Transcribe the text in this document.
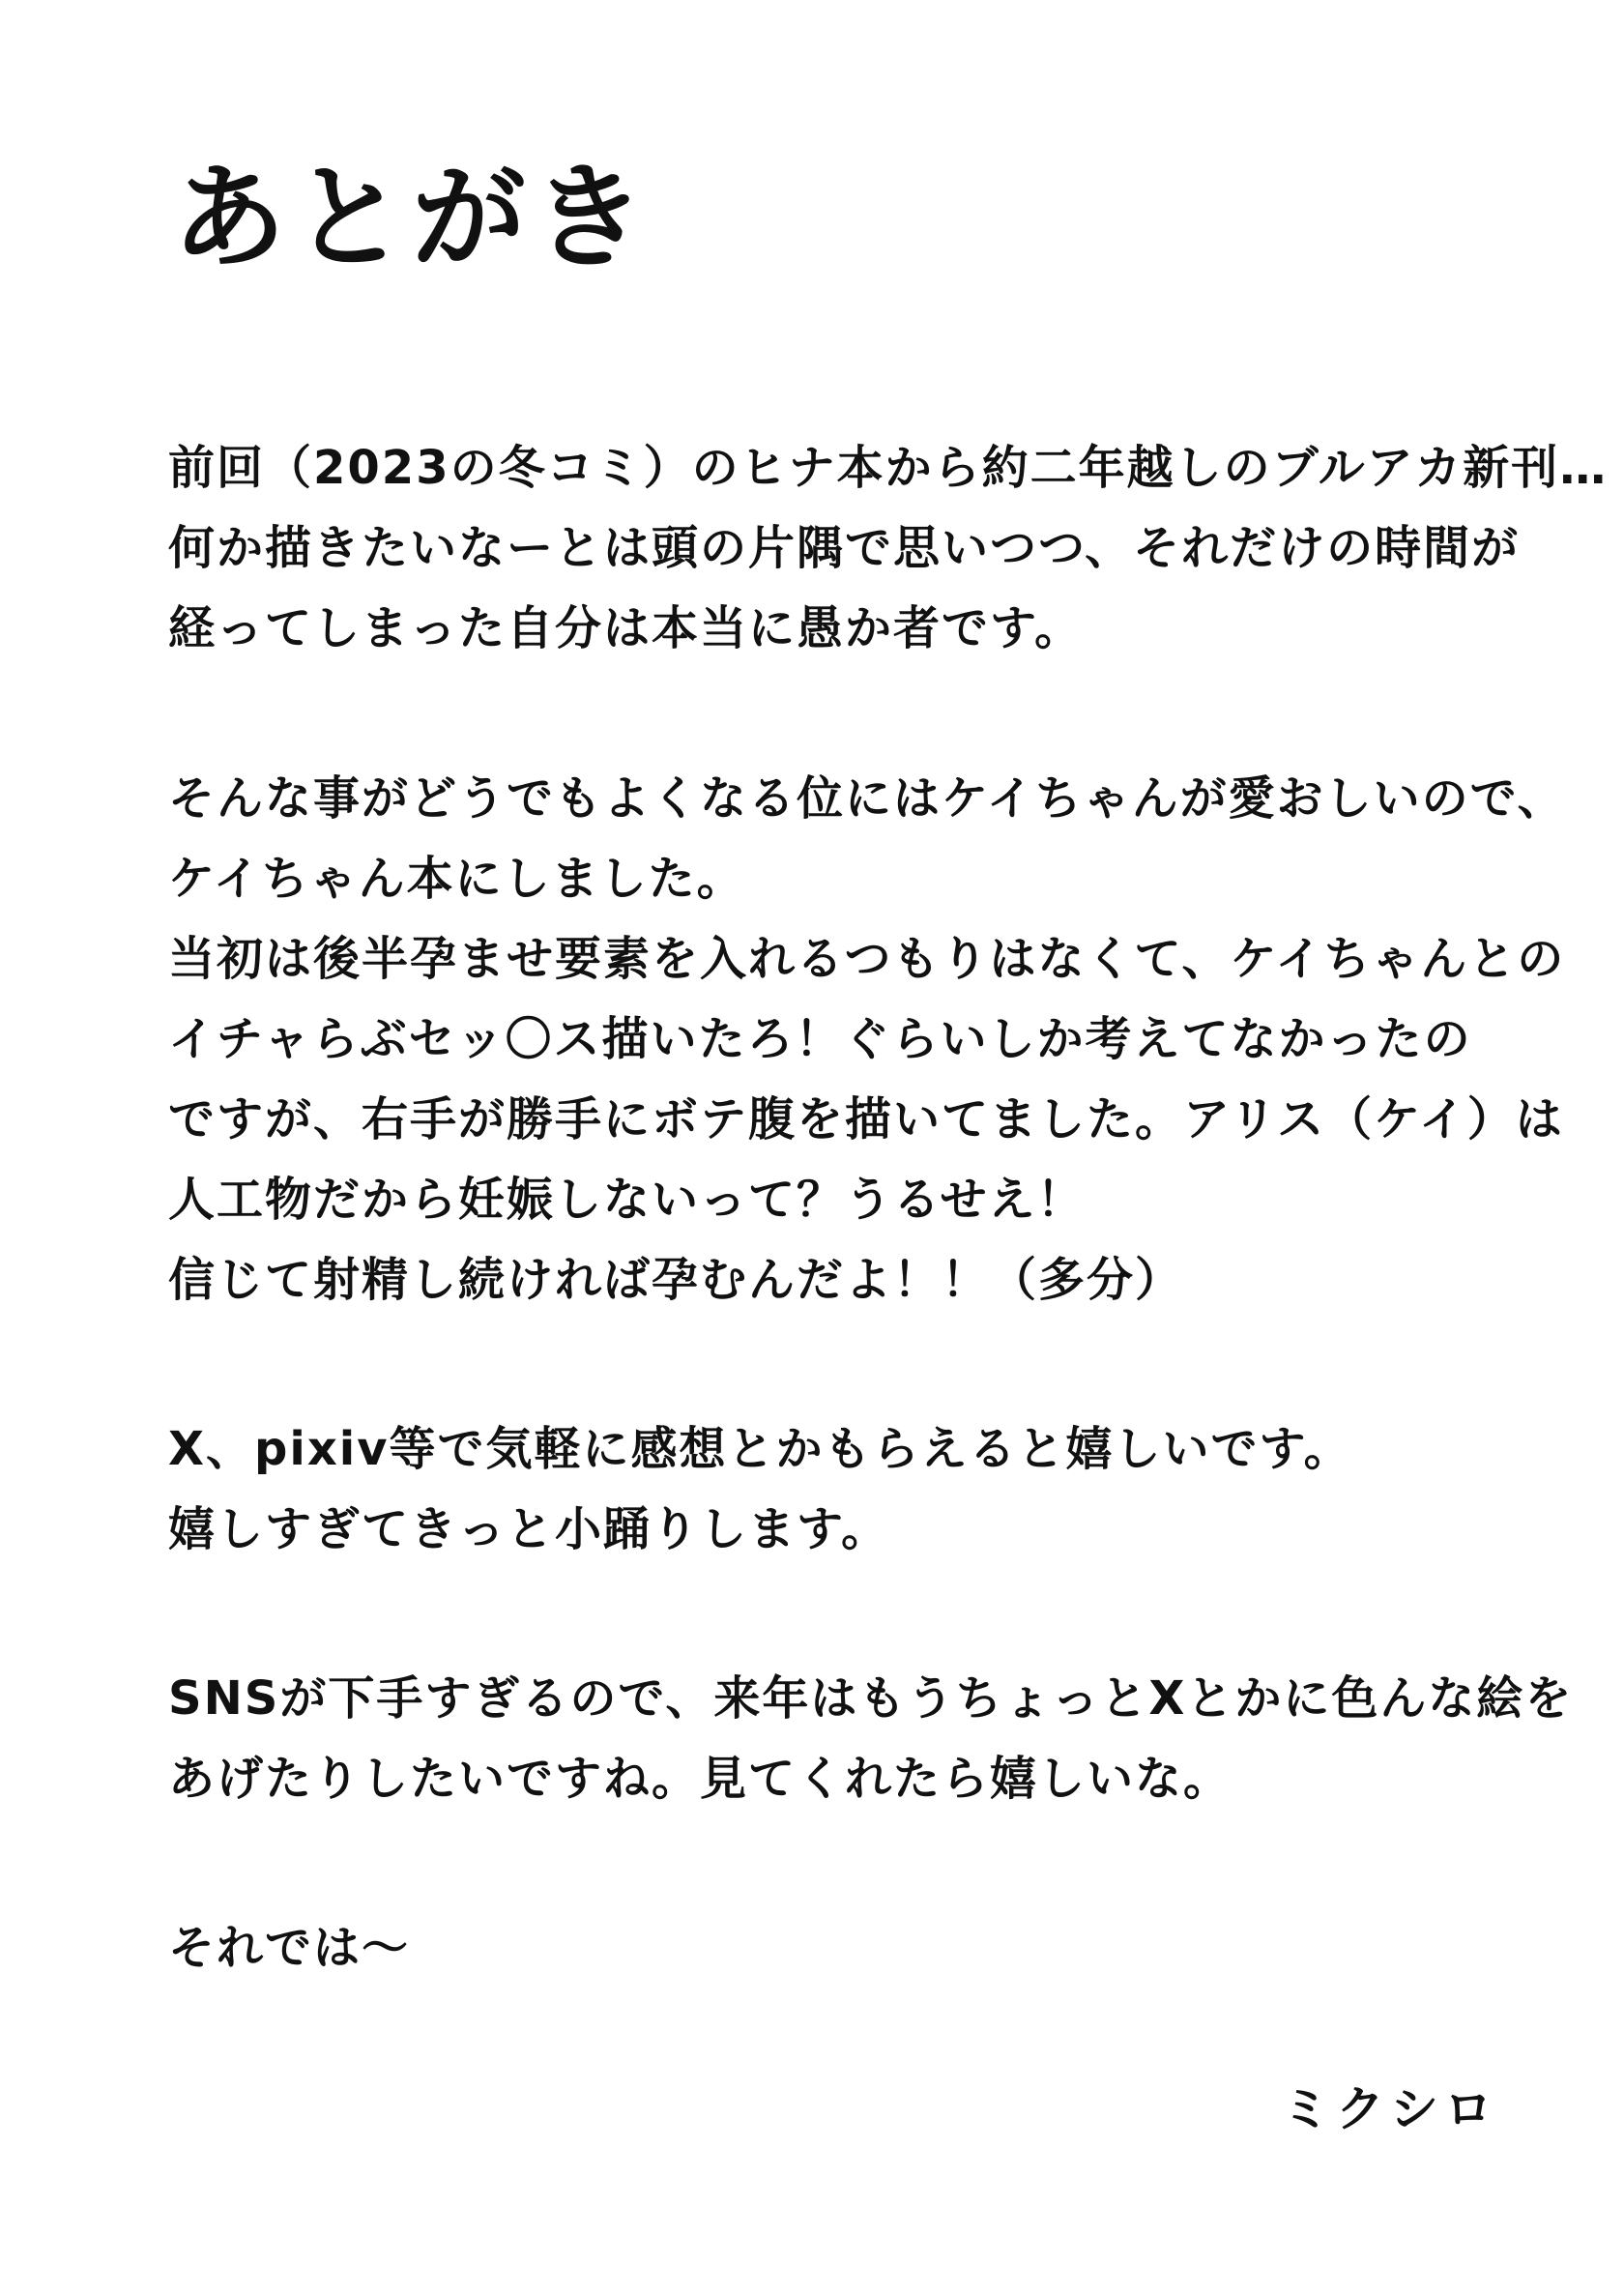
あとがき

前回（2023の冬コミ）のヒナ本から約二年越しのブルアカ新刊…

何か描きたいなーとは頭の片隅で思いつつ、それだけの時間が

経ってしまった自分は本当に愚か者です。

そんな事がどうでもよくなる位にはケイちゃんが愛おしいので、

ケイちゃん本にしました。

当初は後半孕ませ要素を入れるつもりはなくて、ケイちゃんとの

イチャらぶセッ〇ス描いたろ！ぐらいしか考えてなかったの

ですが、右手が勝手にボテ腹を描いてました。アリス（ケイ）は

人工物だから妊娠しないって？うるせえ！

信じて射精し続ければ孕むんだよ！！（多分）

X、pixiv等で気軽に感想とかもらえると嬉しいです。

嬉しすぎてきっと小踊りします。

SNSが下手すぎるので、来年はもうちょっとXとかに色んな絵を

あげたりしたいですね。見てくれたら嬉しいな。

それでは〜

ミクシロ
